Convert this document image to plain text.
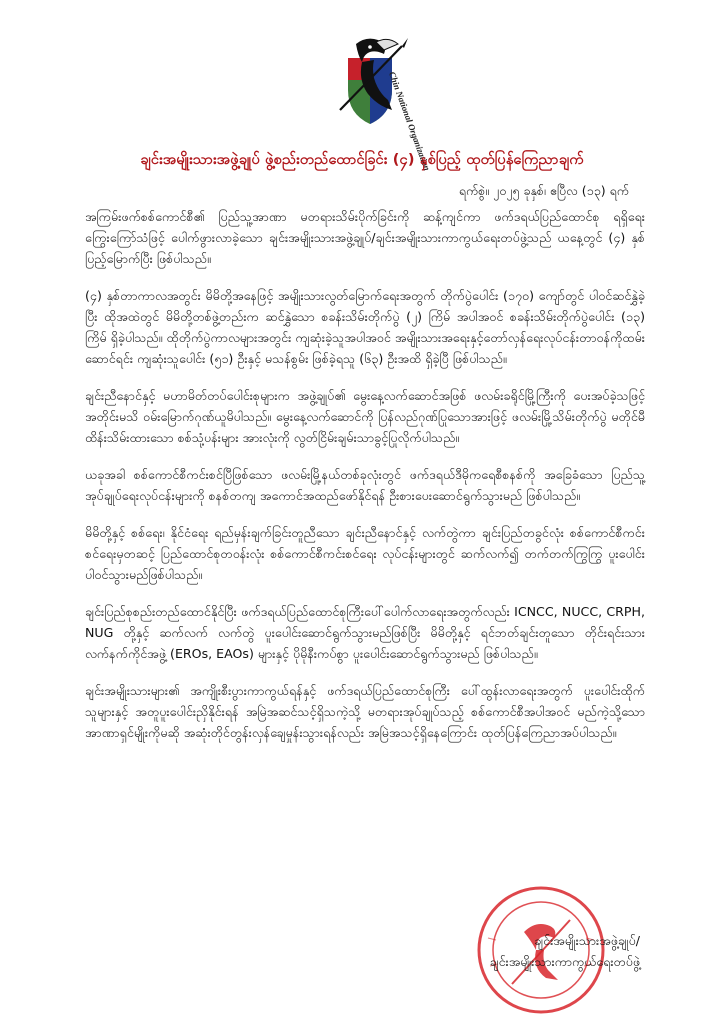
Chin National Organization
ချင်းအမျိုးသားအဖွဲ့ချုပ် ဖွဲ့စည်းတည်ထောင်ခြင်း (၄) နှစ်ပြည့် ထုတ်ပြန်ကြေညာချက်
ရက်စွဲ။ ၂၀၂၅ ခုနှစ်၊ ဧပြီလ (၁၃) ရက်

အကြမ်းဖက်စစ်ကောင်စီ၏ ပြည်သူ့အာဏာ မတရားသိမ်းပိုက်ခြင်းကို ဆန့်ကျင်ကာ ဖက်ဒရယ်ပြည်ထောင်စု ရရှိရေး ကြွေးကြော်သံဖြင့် ပေါက်ဖွားလာခဲ့သော ချင်းအမျိုးသားအဖွဲ့ချုပ်/ချင်းအမျိုးသားကာကွယ်ရေးတပ်ဖွဲ့သည် ယနေ့တွင် (၄) နှစ်ပြည့်မြောက်ပြီး ဖြစ်ပါသည်။

(၄) နှစ်တာကာလအတွင်း မိမိတို့အနေဖြင့် အမျိုးသားလွတ်မြောက်ရေးအတွက် တိုက်ပွဲပေါင်း (၁၇၀) ကျော်တွင် ပါဝင်ဆင်နွှဲခဲ့ပြီး ထိုအထဲတွင် မိမိတို့တစ်ဖွဲ့တည်းက ဆင်နွှဲသော စခန်းသိမ်းတိုက်ပွဲ (၂) ကြိမ် အပါအဝင် စခန်းသိမ်းတိုက်ပွဲပေါင်း (၁၃) ကြိမ် ရှိခဲ့ပါသည်။ ထိုတိုက်ပွဲကာလများအတွင်း ကျဆုံးခဲ့သူအပါအဝင် အမျိုးသားအရေးနှင့်တော်လှန်ရေးလုပ်ငန်းတာဝန်ကိုထမ်းဆောင်ရင်း ကျဆုံးသူပေါင်း (၅၁) ဦးနှင့် မသန်စွမ်း ဖြစ်ခဲ့ရသူ (၆၃) ဦးအထိ ရှိခဲ့ပြီ ဖြစ်ပါသည်။

ချင်းညီနောင်နှင့် မဟာမိတ်တပ်ပေါင်းစုများက အဖွဲ့ချုပ်၏ မွေးနေ့လက်ဆောင်အဖြစ် ဖလမ်းခရိုင်မြို့ကြီးကို ပေးအပ်ခဲ့သဖြင့် အတိုင်းမသိ ဝမ်းမြောက်ဂုဏ်ယူမိပါသည်။ မွေးနေ့လက်ဆောင်ကို ပြန်လည်ဂုဏ်ပြုသောအားဖြင့် ဖလမ်းမြို့သိမ်းတိုက်ပွဲ မတိုင်မီ ထိန်းသိမ်းထားသော စစ်သုံ့ပန်းများ အားလုံးကို လွတ်ငြိမ်းချမ်းသာခွင့်ပြုလိုက်ပါသည်။

ယခုအခါ စစ်ကောင်စီကင်းစင်ပြီဖြစ်သော ဖလမ်းမြို့နယ်တစ်ခုလုံးတွင် ဖက်ဒရယ်ဒီမိုကရေစီစနစ်ကို အခြေခံသော ပြည်သူ့အုပ်ချုပ်ရေးလုပ်ငန်းများကို စနစ်တကျ အကောင်အထည်ဖော်နိုင်ရန် ဦးစားပေးဆောင်ရွက်သွားမည် ဖြစ်ပါသည်။

မိမိတို့နှင့် စစ်ရေး၊ နိုင်ငံရေး ရည်မှန်းချက်ခြင်းတူညီသော ချင်းညီနောင်နှင့် လက်တွဲကာ ချင်းပြည်တခွင်လုံး စစ်ကောင်စီကင်းစင်ရေးမှတဆင့် ပြည်ထောင်စုတဝန်းလုံး စစ်ကောင်စီကင်းစင်ရေး လုပ်ငန်းများတွင် ဆက်လက်၍ တက်တက်ကြွကြွ ပူးပေါင်းပါဝင်သွားမည်ဖြစ်ပါသည်။

ချင်းပြည်စုစည်းတည်ထောင်နိုင်ပြီး ဖက်ဒရယ်ပြည်ထောင်စုကြီးပေါ်ပေါက်လာရေးအတွက်လည်း ICNCC, NUCC, CRPH, NUG တို့နှင့် ဆက်လက် လက်တွဲ ပူးပေါင်းဆောင်ရွက်သွားမည်ဖြစ်ပြီး မိမိတို့နှင့် ရင်ဘတ်ချင်းတူသော တိုင်းရင်းသားလက်နက်ကိုင်အဖွဲ့ (EROs, EAOs) များနှင့် ပိုမိုနီးကပ်စွာ ပူးပေါင်းဆောင်ရွက်သွားမည် ဖြစ်ပါသည်။

ချင်းအမျိုးသားများ၏ အကျိုးစီးပွားကာကွယ်ရန်နှင့် ဖက်ဒရယ်ပြည်ထောင်စုကြီး ပေါ်ထွန်းလာရေးအတွက် ပူးပေါင်းထိုက်သူများနှင့် အတူပူးပေါင်းညှိနိုင်းရန် အမြဲအဆင်သင့်ရှိသကဲ့သို့ မတရားအုပ်ချုပ်သည့် စစ်ကောင်စီအပါအဝင် မည်ကဲ့သို့သော အာဏာရှင်မျိုးကိုမဆို အဆုံးတိုင်တွန်းလှန်ချေမှုန်းသွားရန်လည်း အမြဲအသင့်ရှိနေကြောင်း ထုတ်ပြန်ကြေညာအပ်ပါသည်။

ချင်းအမျိုးသားအဖွဲ့ချုပ်/
ချင်းအမျိုးသားကာကွယ်ရေးတပ်ဖွဲ့
